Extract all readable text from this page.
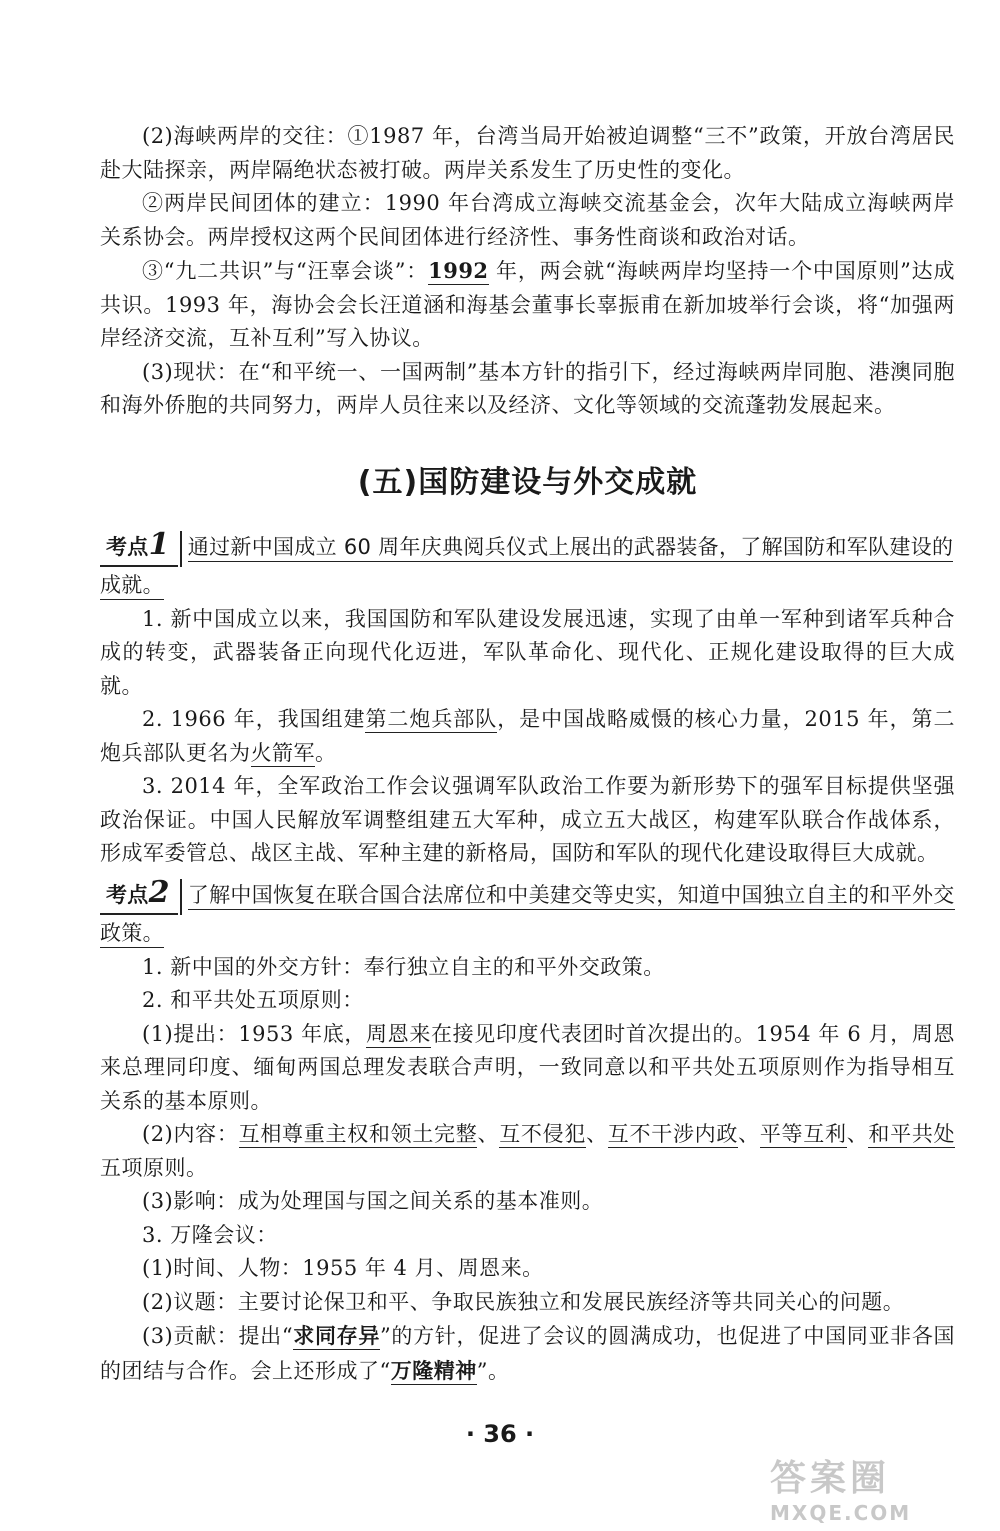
(2)海峡两岸的交往：①1987 年，台湾当局开始被迫调整“三不”政策，开放台湾居民赴大陆探亲，两岸隔绝状态被打破。两岸关系发生了历史性的变化。

②两岸民间团体的建立：1990 年台湾成立海峡交流基金会，次年大陆成立海峡两岸关系协会。两岸授权这两个民间团体进行经济性、事务性商谈和政治对话。

③“九二共识”与“汪辜会谈”：1992 年，两会就“海峡两岸均坚持一个中国原则”达成共识。1993 年，海协会会长汪道涵和海基会董事长辜振甫在新加坡举行会谈，将“加强两岸经济交流，互补互利”写入协议。

(3)现状：在“和平统一、一国两制”基本方针的指引下，经过海峡两岸同胞、港澳同胞和海外侨胞的共同努力，两岸人员往来以及经济、文化等领域的交流蓬勃发展起来。

(五)国防建设与外交成就
考点1 通过新中国成立 60 周年庆典阅兵仪式上展出的武器装备，了解国防和军队建设的成就。

1. 新中国成立以来，我国国防和军队建设发展迅速，实现了由单一军种到诸军兵种合成的转变，武器装备正向现代化迈进，军队革命化、现代化、正规化建设取得的巨大成就。

2. 1966 年，我国组建第二炮兵部队，是中国战略威慑的核心力量，2015 年，第二炮兵部队更名为火箭军。

3. 2014 年，全军政治工作会议强调军队政治工作要为新形势下的强军目标提供坚强政治保证。中国人民解放军调整组建五大军种，成立五大战区，构建军队联合作战体系，形成军委管总、战区主战、军种主建的新格局，国防和军队的现代化建设取得巨大成就。

考点2 了解中国恢复在联合国合法席位和中美建交等史实，知道中国独立自主的和平外交政策。

1. 新中国的外交方针：奉行独立自主的和平外交政策。

2. 和平共处五项原则：

(1)提出：1953 年底，周恩来在接见印度代表团时首次提出的。1954 年 6 月，周恩来总理同印度、缅甸两国总理发表联合声明，一致同意以和平共处五项原则作为指导相互关系的基本原则。

(2)内容：互相尊重主权和领土完整、互不侵犯、互不干涉内政、平等互利、和平共处五项原则。

(3)影响：成为处理国与国之间关系的基本准则。

3. 万隆会议：

(1)时间、人物：1955 年 4 月、周恩来。

(2)议题：主要讨论保卫和平、争取民族独立和发展民族经济等共同关心的问题。

(3)贡献：提出“求同存异”的方针，促进了会议的圆满成功，也促进了中国同亚非各国的团结与合作。会上还形成了“万隆精神”。

· 36 ·
答案圈
MXQE.COM
